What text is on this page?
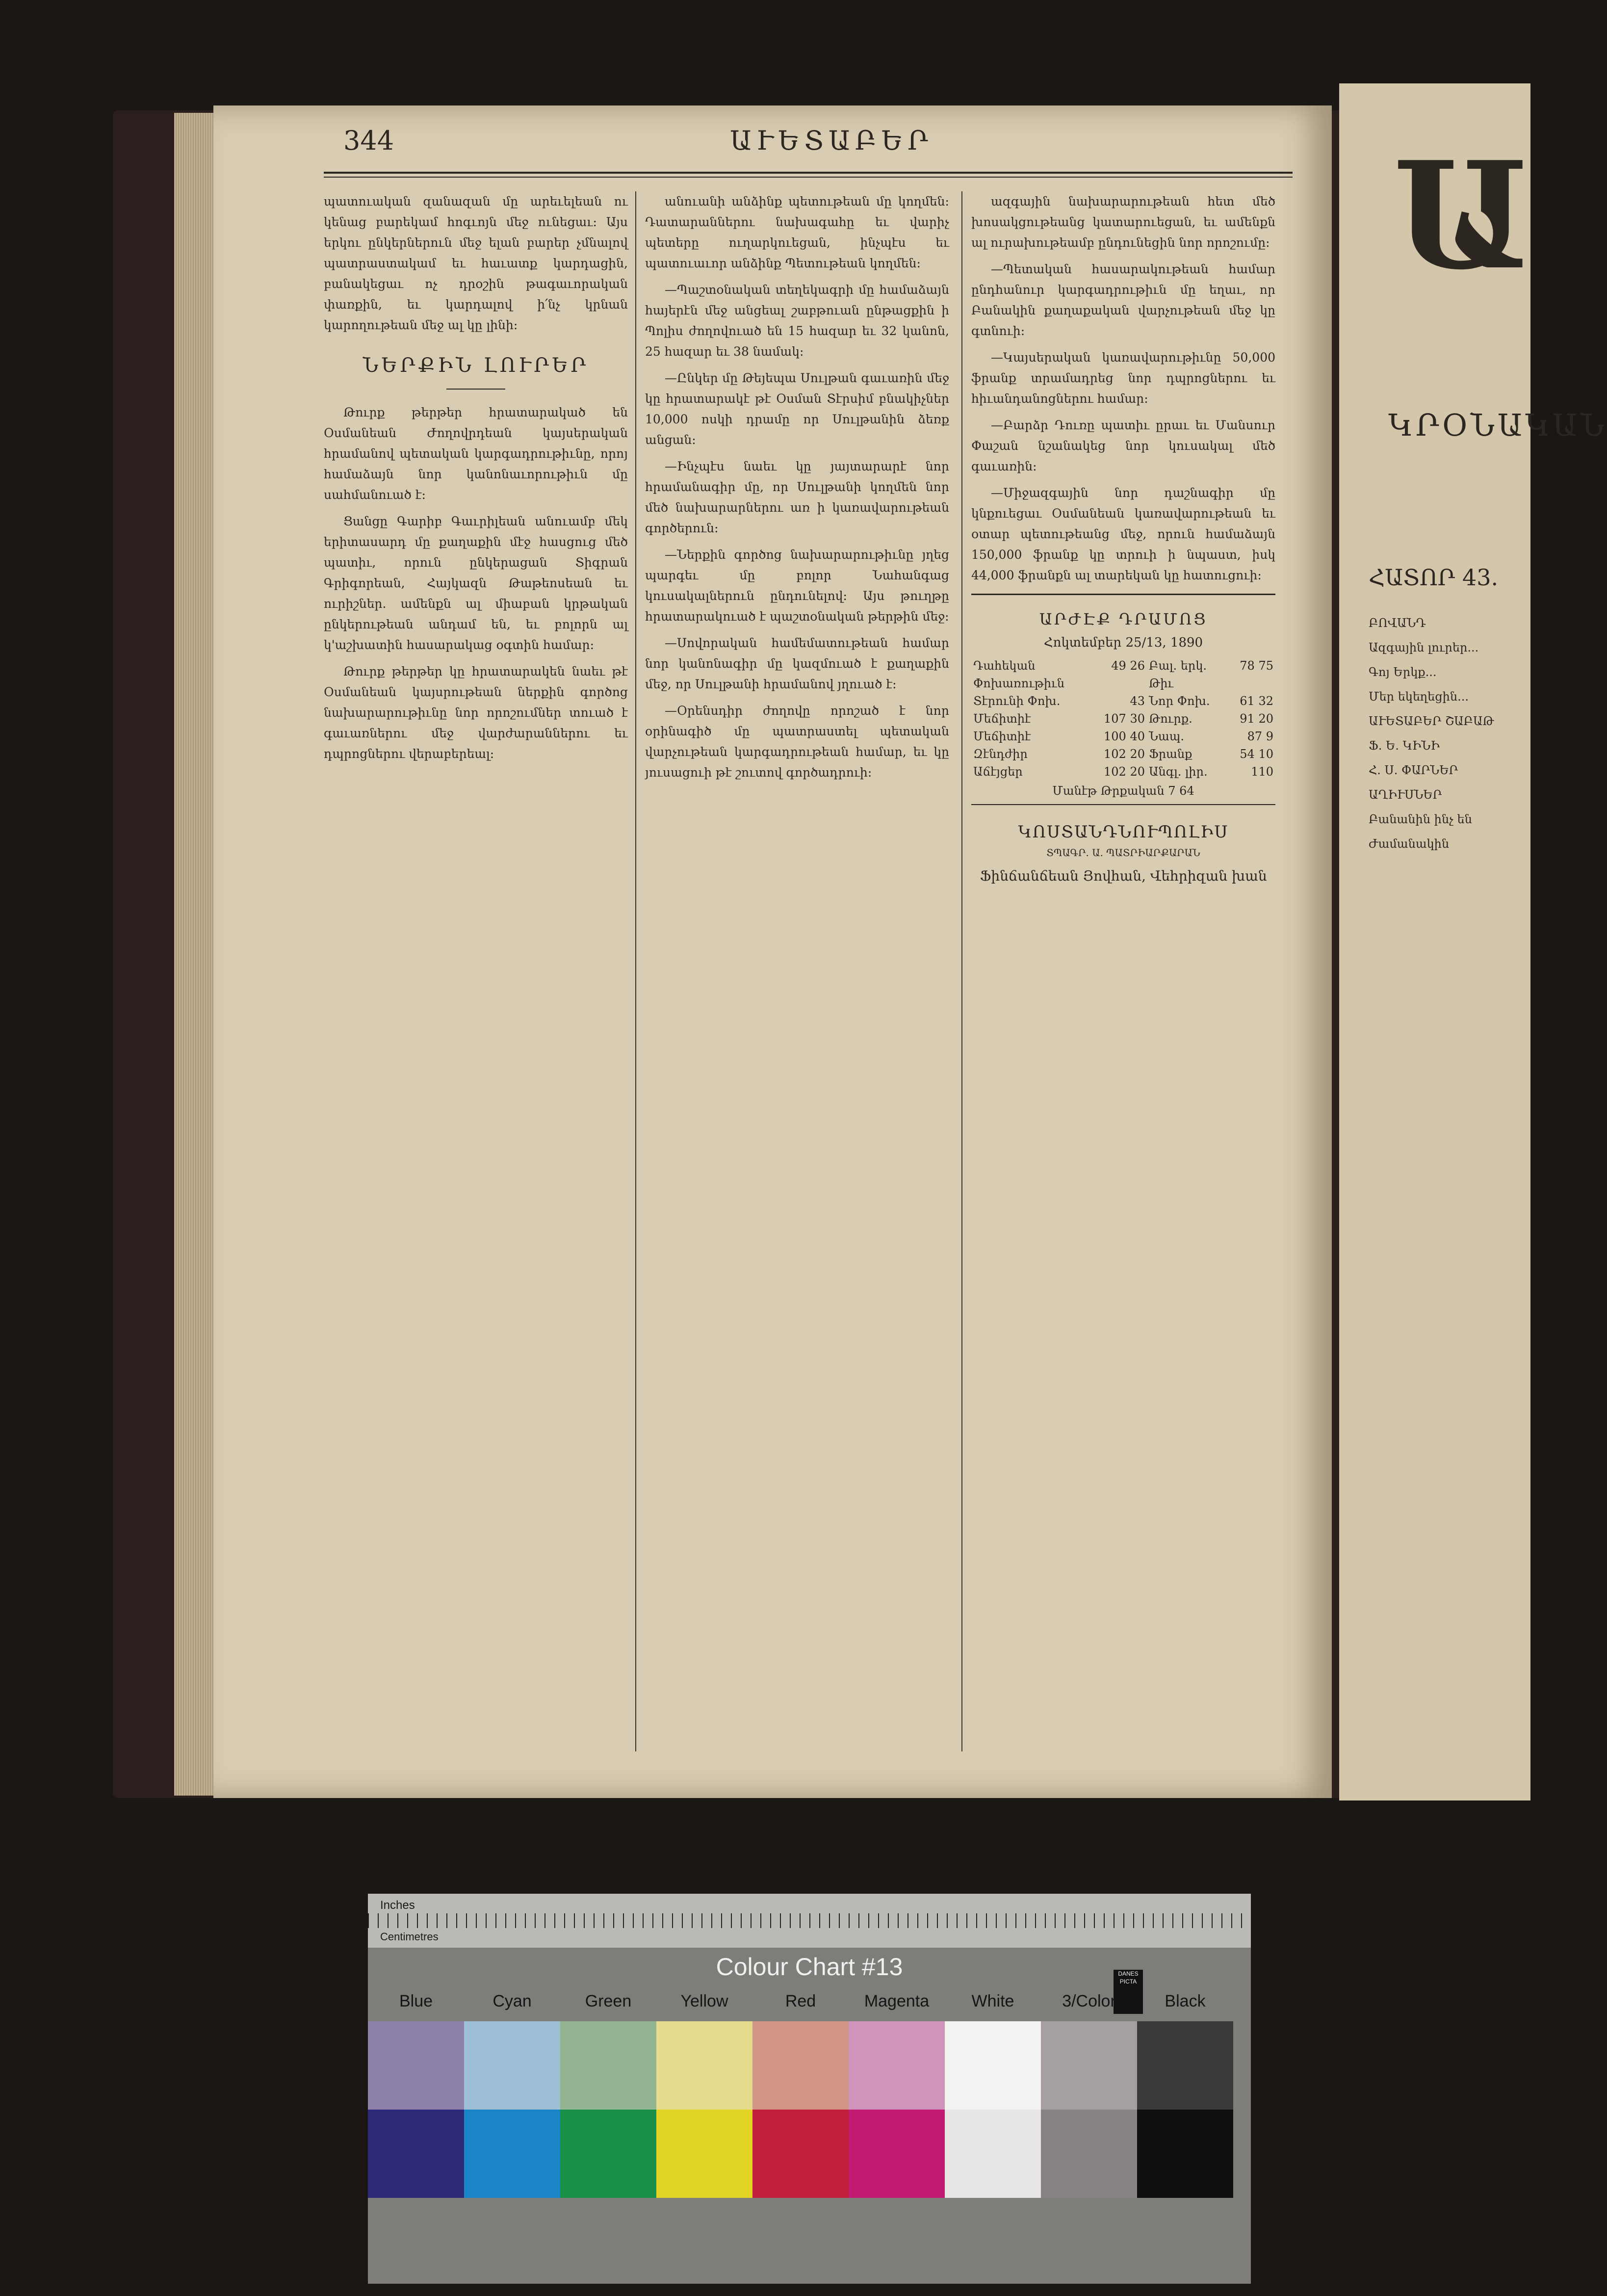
344	ԱՒԵՏԱԲԵՐ

պատուական զանազան մը արեւելեան ու կենաց բարեկամ հոգւոյն մեջ ունեցաւ։ Այս երկու ընկերներուն մեջ ելան բարեր չմնալով պատրաստակամ եւ հաւատք կարդացին, բանակեցաւ ոչ դրօշին թագաւորական փառքին, եւ կարդալով ի՛նչ կրնան կարողութեան մեջ ալ կը լինի։

ՆԵՐՔԻՆ ԼՈՒՐԵՐ

Թուրք թերթեր հրատարակած են Օսմանեան Ժողովրդեան կայսերական հրամանով պետական կարգադրութիւնը, որոյ համաձայն նոր կանոնաւորութիւն մը սահմանուած է։

Ցանցը Գարիբ Գաւրիլեան անուամբ մեկ երիտասարդ մը քաղաքին մէջ հասցուց մեծ պատիւ, որուն ընկերացան Տիգրան Գրիգորեան, Հայկազն Թաթեոսեան եւ ուրիշներ. ամենքն ալ միաբան կրթական ընկերութեան անդամ են, եւ բոլորն ալ կ'աշխատին հասարակաց օգտին համար։

Թուրք թերթեր կը հրատարակեն նաեւ թէ Օսմանեան կայսրութեան ներքին գործոց նախարարութիւնը նոր որոշումներ տուած է գաւառներու մեջ վարժարաններու եւ դպրոցներու վերաբերեալ։

անուանի անձինք պետութեան մը կողմեն։ Դատարաններու նախագահը եւ վարիչ պետերը ուղարկուեցան, ինչպէս եւ պատուաւոր անձինք Պետութեան կողմեն։

—Պաշտօնական տեղեկագրի մը համաձայն հայերէն մեջ անցեալ շաբթուան ընթացքին ի Պոլիս ժողովուած են 15 հազար եւ 32 կանոն, 25 հազար եւ 38 նամակ։

—Ընկեր մը Թեյեպա Սուլթան գաւառին մեջ կը հրատարակէ թէ Օսման Տէրսիմ բնակիչներ 10,000 ոսկի դրամը որ Սուլթանին ձեռք անցան։

—Ինչպէս նաեւ կը յայտարարէ նոր հրամանագիր մը, որ Սուլթանի կողմեն նոր մեծ նախարարներու առ ի կառավարութեան գործերուն։

—Ներքին գործոց նախարարութիւնը յղեց պարգեւ մը բոլոր Նահանգաց կուսակալներուն ընդունելով։ Այս թուղթը հրատարակուած է պաշտօնական թերթին մեջ։

—Սովորական համեմատութեան համար նոր կանոնագիր մը կազմուած է քաղաքին մեջ, որ Սուլթանի հրամանով յղուած է։

—Օրենսդիր ժողովը որոշած է նոր օրինագիծ մը պատրաստել պետական վարչութեան կարգադրութեան համար, եւ կը յուսացուի թէ շուտով գործադրուի։

ազգային նախարարութեան հետ մեծ խոսակցութեանց կատարուեցան, եւ ամենքն ալ ուրախութեամբ ընդունեցին նոր որոշումը։

—Պետական հասարակութեան համար ընդհանուր կարգադրութիւն մը եղաւ, որ Բանակին քաղաքական վարչութեան մեջ կը գտնուի։

—Կայսերական կառավարութիւնը 50,000 ֆրանք տրամադրեց նոր դպրոցներու եւ հիւանդանոցներու համար։

—Բարձր Դուռը պատիւ ըրաւ եւ Մանսուր Փաշան նշանակեց նոր կուսակալ մեծ գաւառին։

—Միջազգային նոր դաշնագիր մը կնքուեցաւ Օսմանեան կառավարութեան եւ օտար պետութեանց մեջ, որուն համաձայն 150,000 ֆրանք կը տրուի ի նպաստ, իսկ 44,000 ֆրանքն ալ տարեկան կը հատուցուի։

ԱՐԺԷՔ ԴՐԱՄՈՑ
Հոկտեմբեր 25/13, 1890
Դահեկան	49 26	Բալ. երկ.	78 75
Փոխառութիւն		Թիւ	
Տէրունի Փոխ.	43	Նոր Փոխ.	61 32
Մեճիտիէ	107 30	Թուրք.	91 20
Մեճիտիէ	100 40	Նապ.	87 9
Զէնդժիր	102 20	Ֆրանք	54 10
Աճէյցեր	102 20	Անգլ. լիր.	110
Մանէթ Թրքական 7 64
ԿՈՍՏԱՆԴՆՈՒՊՈԼԻՍ
ՏՊԱԳՐ. Ա. ՊԱՏՐԻԱՐՔԱՐԱՆ
Ֆինճանճեան Յովհան, Վեհրիզան խան
Ա
ԿՐՕՆԱԿԱՆ
ՀԱՏՈՐ 43.

ԲՈՎԱՆԴ

Ազգային լուրեր...

Գոյ Երկք...

Մեր եկեղեցին...

ԱՒԵՏԱԲԵՐ ՇԱԲԱԹ

Ֆ. Ե. ԿԻՆԻ

Հ. Ս. ՓԱՐՆԵՐ

ԱՂԻՒՍՆԵՐ

Բանանին ինչ են

Ժամանակին

Inches
Centimetres
Colour Chart #13	DANES PICTA
Blue	Cyan	Green	Yellow	Red	Magenta	White	3/Color	Black
